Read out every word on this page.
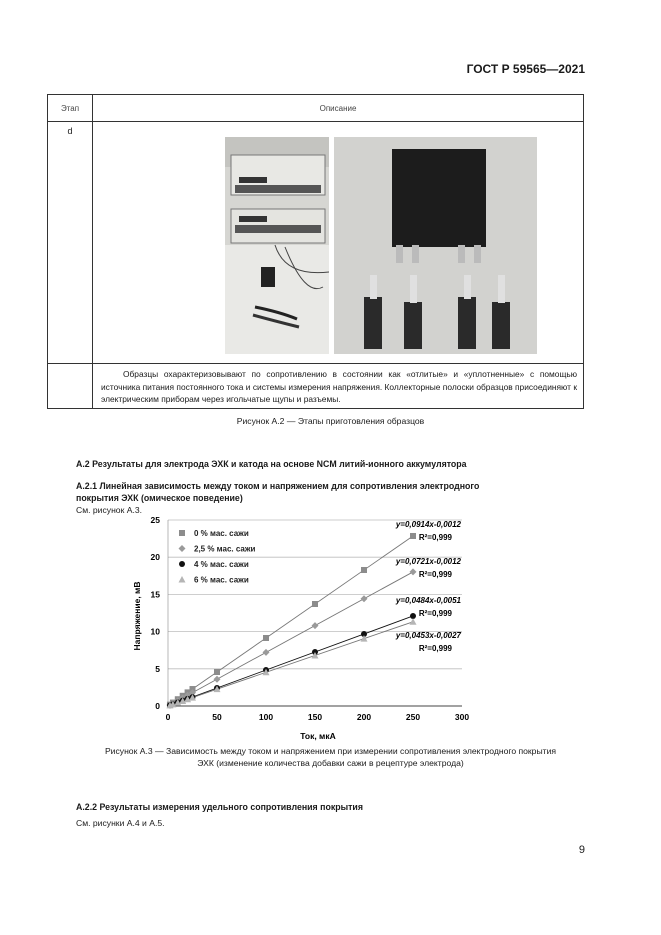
ГОСТ Р 59565—2021
Этап	Описание
d	

	Образцы охарактеризовывают по сопротивлению в состоянии как «отлитые» и «уплотненные» с помощью источника питания постоянного тока и системы измерения напряжения. Коллекторные полоски образцов присоединяют к электрическим приборам через игольчатые щупы и разъемы.
Рисунок А.2 — Этапы приготовления образцов
А.2 Результаты для электрода ЭХК и катода на основе NCM литий-ионного аккумулятора
А.2.1 Линейная зависимость между током и напряжением для сопротивления электродного
покрытия ЭХК (омическое поведение)
См. рисунок А.3.
0
5
10
15
20
25
0	50	100	150	200	250	300
0 % мас. сажи
2,5 % мас. сажи
4 % мас. сажи
6 % мас. сажи
y=0,0914x-0,0012
R²=0,999
y=0,0721x-0,0012
R²=0,999
y=0,0484x-0,0051
R²=0,999
y=0,0453x-0,0027
R²=0,999
Ток, мкА
Напряжение, мВ
Рисунок А.3 — Зависимость между током и напряжением при измерении сопротивления электродного покрытия
ЭХК (изменение количества добавки сажи в рецептуре электрода)
А.2.2 Результаты измерения удельного сопротивления покрытия
См. рисунки А.4 и А.5.
9
